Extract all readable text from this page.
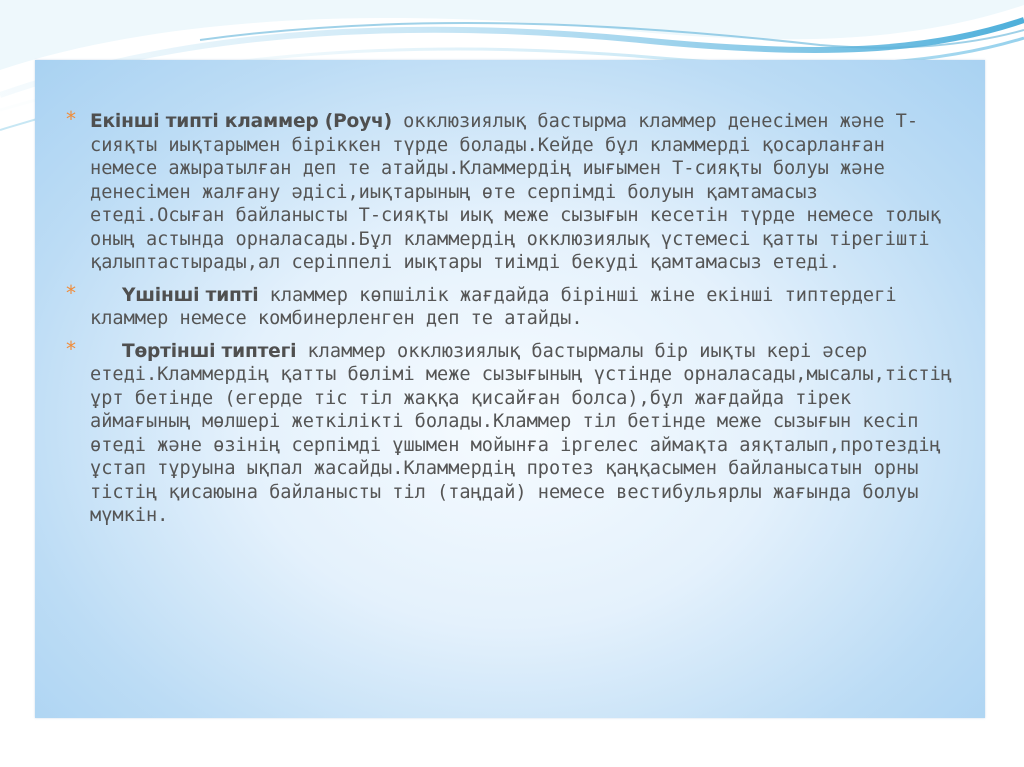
* Екінші типті кламмер (Роуч) окклюзиялық бастырма кламмер денесімен және Т-сияқты иықтарымен біріккен түрде болады.Кейде бұл кламмерді қосарланған немесе ажыратылған деп те атайды.Кламмердің иығымен Т-сияқты болуы және денесімен жалғану әдісі,иықтарының өте серпімді болуын қамтамасыз етеді.Осыған байланысты Т-сияқты иық меже сызығын кесетін түрде немесе толық оның астында орналасады.Бұл кламмердің окклюзиялық үстемесі қатты тірегішті қалыптастырады,ал серіппелі иықтары тиімді бекуді қамтамасыз етеді.
* Үшінші типті кламмер көпшілік жағдайда бірінші жіне екінші типтердегі кламмер немесе комбинерленген деп те атайды.
* Төртінші типтегі кламмер окклюзиялық бастырмалы бір иықты кері әсер етеді.Кламмердің қатты бөлімі меже сызығының үстінде орналасады,мысалы,тістің ұрт бетінде (егерде тіс тіл жаққа қисайған болса),бұл жағдайда тірек аймағының мөлшері жеткілікті болады.Кламмер тіл бетінде меже сызығын кесіп өтеді және өзінің серпімді ұшымен мойынға іргелес аймақта аяқталып,протездің ұстап тұруына ықпал жасайды.Кламмердің протез қаңқасымен байланысатын орны тістің қисаюына байланысты тіл (таңдай) немесе вестибульярлы жағында болуы мүмкін.
